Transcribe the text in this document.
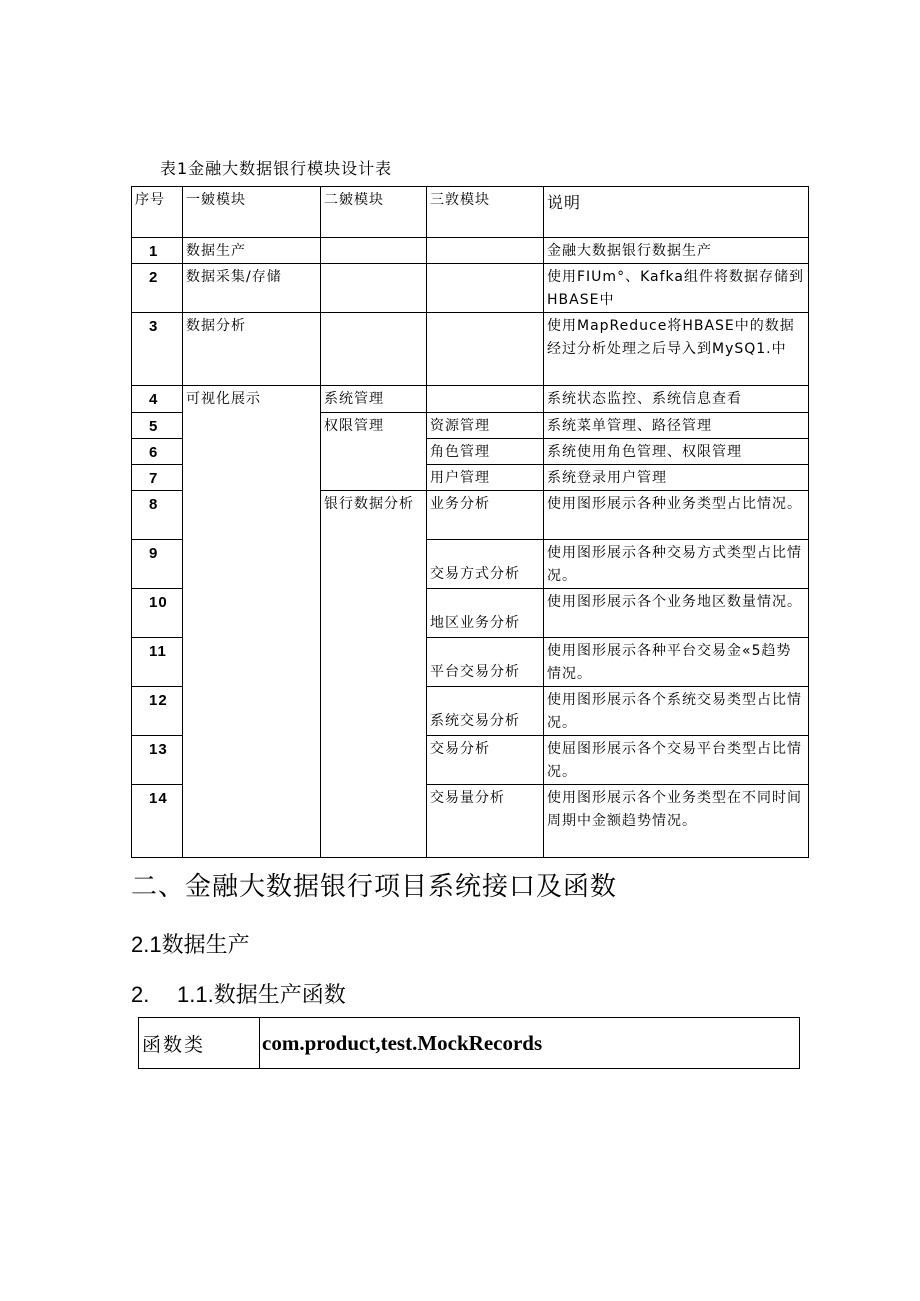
表1金融大数据银行模块设计表
序号	一皴模块	二皴模块	三敦模块	说明
1	数据生产			金融大数据银行数据生产
2	数据采集/存储			使用FIUm°、Kafka组件将数据存储到HBASE中
3	数据分析			使用MapReduce将HBASE中的数据经过分析处理之后导入到MySQ1.中
4	可视化展示	系统管理		系统状态监控、系统信息查看
5		权限管理	资源管理	系统菜单管理、路径管理
6			角色管理	系统使用角色管理、权限管理
7			用户管理	系统登录用户管理
8		银行数据分析	业务分析	使用图形展示各种业务类型占比情况。
9			交易方式分析	使用图形展示各种交易方式类型占比情况。
10			地区业务分析	使用图形展示各个业务地区数量情况。
11			平台交易分析	使用图形展示各种平台交易金«5趋势情况。
12			系统交易分析	使用图形展示各个系统交易类型占比情况。
13			交易分析	使屈图形展示各个交易平台类型占比情况。
14			交易量分析	使用图形展示各个业务类型在不同时间周期中金额趋势情况。
二、金融大数据银行项目系统接口及函数
2.1数据生产
2. 1.1.数据生产函数
函数类	com.product,test.MockRecords
